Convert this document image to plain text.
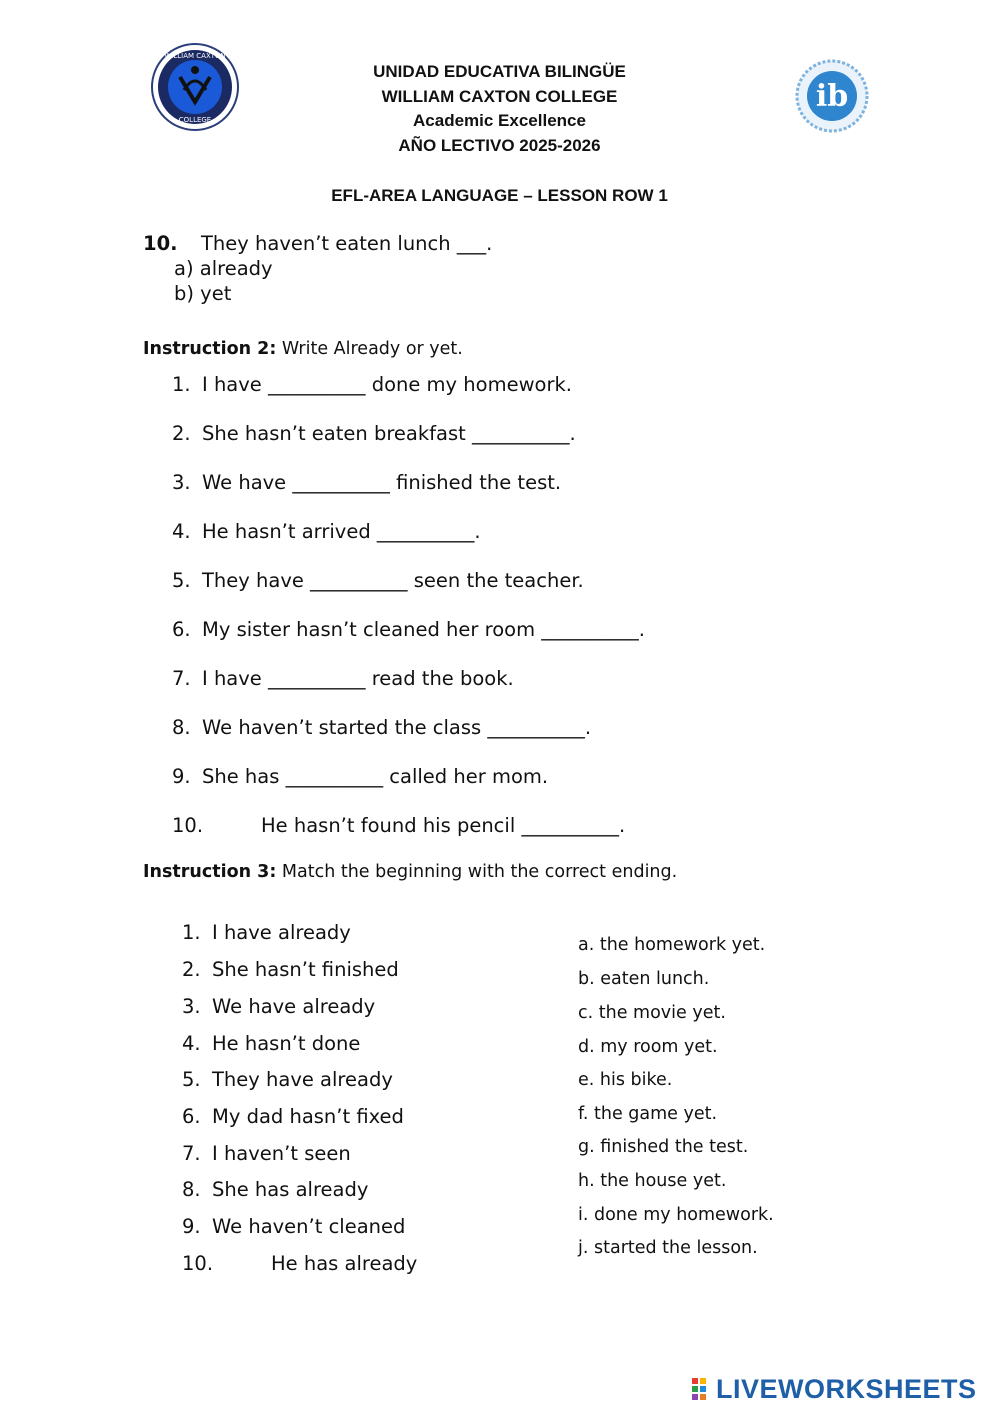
WILLIAM CAXTON
COLLEGE
ib
UNIDAD EDUCATIVA BILINGÜE
WILLIAM CAXTON COLLEGE
Academic Excellence
AÑO LECTIVO 2025-2026
EFL-AREA LANGUAGE – LESSON ROW 1
10. They haven’t eaten lunch ___.
a) already
b) yet
Instruction 2: Write Already or yet.
1. I have __________ done my homework.
2. She hasn’t eaten breakfast __________.
3. We have __________ finished the test.
4. He hasn’t arrived __________.
5. They have __________ seen the teacher.
6. My sister hasn’t cleaned her room __________.
7. I have __________ read the book.
8. We haven’t started the class __________.
9. She has __________ called her mom.
10.	He hasn’t found his pencil __________.
Instruction 3: Match the beginning with the correct ending.
1. I have already
2. She hasn’t finished
3. We have already
4. He hasn’t done
5. They have already
6. My dad hasn’t fixed
7. I haven’t seen
8. She has already
9. We haven’t cleaned
10.	He has already
a. the homework yet.
b. eaten lunch.
c. the movie yet.
d. my room yet.
e. his bike.
f. the game yet.
g. finished the test.
h. the house yet.
i. done my homework.
j. started the lesson.
LIVEWORKSHEETS
